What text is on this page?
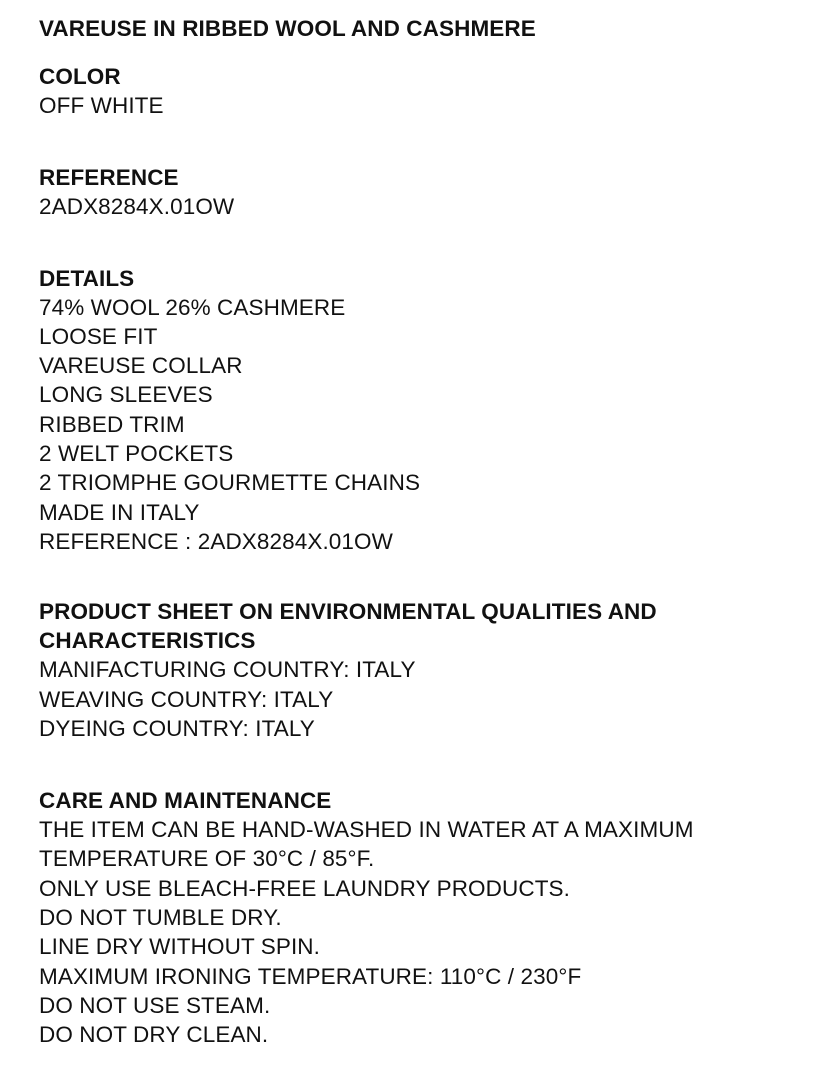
VAREUSE IN RIBBED WOOL AND CASHMERE
COLOR
OFF WHITE
REFERENCE
2ADX8284X.01OW
DETAILS
74% WOOL 26% CASHMERE
LOOSE FIT
VAREUSE COLLAR
LONG SLEEVES
RIBBED TRIM
2 WELT POCKETS
2 TRIOMPHE GOURMETTE CHAINS
MADE IN ITALY
REFERENCE : 2ADX8284X.01OW
PRODUCT SHEET ON ENVIRONMENTAL QUALITIES AND
CHARACTERISTICS
MANIFACTURING COUNTRY: ITALY
WEAVING COUNTRY: ITALY
DYEING COUNTRY: ITALY
CARE AND MAINTENANCE
THE ITEM CAN BE HAND-WASHED IN WATER AT A MAXIMUM
TEMPERATURE OF 30°C / 85°F.
ONLY USE BLEACH-FREE LAUNDRY PRODUCTS.
DO NOT TUMBLE DRY.
LINE DRY WITHOUT SPIN.
MAXIMUM IRONING TEMPERATURE: 110°C / 230°F
DO NOT USE STEAM.
DO NOT DRY CLEAN.
